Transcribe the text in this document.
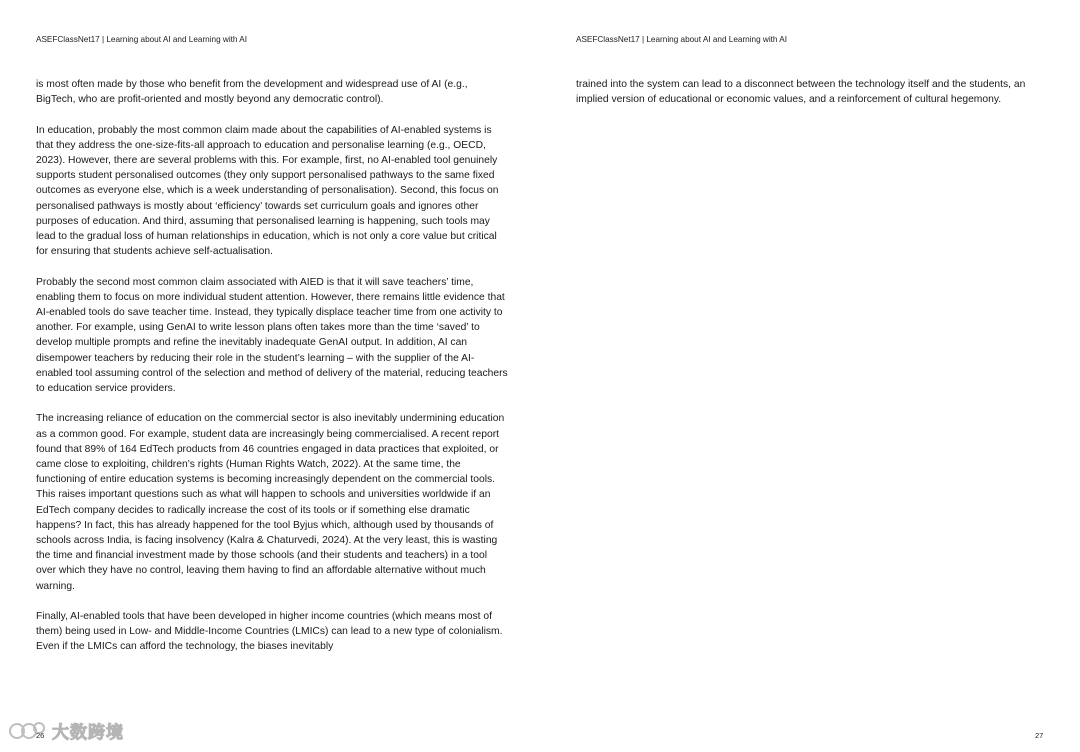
ASEFClassNet17 | Learning about AI and Learning with AI

is most often made by those who benefit from the development and widespread use of AI (e.g., BigTech, who are profit-oriented and mostly beyond any democratic control).

In education, probably the most common claim made about the capabilities of AI-enabled systems is that they address the one-size-fits-all approach to education and personalise learning (e.g., OECD, 2023). However, there are several problems with this. For example, first, no AI-enabled tool genuinely supports student personalised outcomes (they only support personalised pathways to the same fixed outcomes as everyone else, which is a week understanding of personalisation). Second, this focus on personalised pathways is mostly about ‘efficiency’ towards set curriculum goals and ignores other purposes of education. And third, assuming that personalised learning is happening, such tools may lead to the gradual loss of human relationships in education, which is not only a core value but critical for ensuring that students achieve self-actualisation.

Probably the second most common claim associated with AIED is that it will save teachers’ time, enabling them to focus on more individual student attention. However, there remains little evidence that AI-enabled tools do save teacher time. Instead, they typically displace teacher time from one activity to another. For example, using GenAI to write lesson plans often takes more than the time ‘saved’ to develop multiple prompts and refine the inevitably inadequate GenAI output. In addition, AI can disempower teachers by reducing their role in the student’s learning – with the supplier of the AI-enabled tool assuming control of the selection and method of delivery of the material, reducing teachers to education service providers.

The increasing reliance of education on the commercial sector is also inevitably undermining education as a common good. For example, student data are increasingly being commercialised. A recent report found that 89% of 164 EdTech products from 46 countries engaged in data practices that exploited, or came close to exploiting, children’s rights (Human Rights Watch, 2022). At the same time, the functioning of entire education systems is becoming increasingly dependent on the commercial tools. This raises important questions such as what will happen to schools and universities worldwide if an EdTech company decides to radically increase the cost of its tools or if something else dramatic happens? In fact, this has already happened for the tool Byjus which, although used by thousands of schools across India, is facing insolvency (Kalra & Chaturvedi, 2024). At the very least, this is wasting the time and financial investment made by those schools (and their students and teachers) in a tool over which they have no control, leaving them having to find an affordable alternative without much warning.

Finally, AI-enabled tools that have been developed in higher income countries (which means most of them) being used in Low- and Middle-Income Countries (LMICs) can lead to a new type of colonialism. Even if the LMICs can afford the technology, the biases inevitably

26
ASEFClassNet17 | Learning about AI and Learning with AI

trained into the system can lead to a disconnect between the technology itself and the students, an implied version of educational or economic values, and a reinforcement of cultural hegemony.

27
大数跨境
